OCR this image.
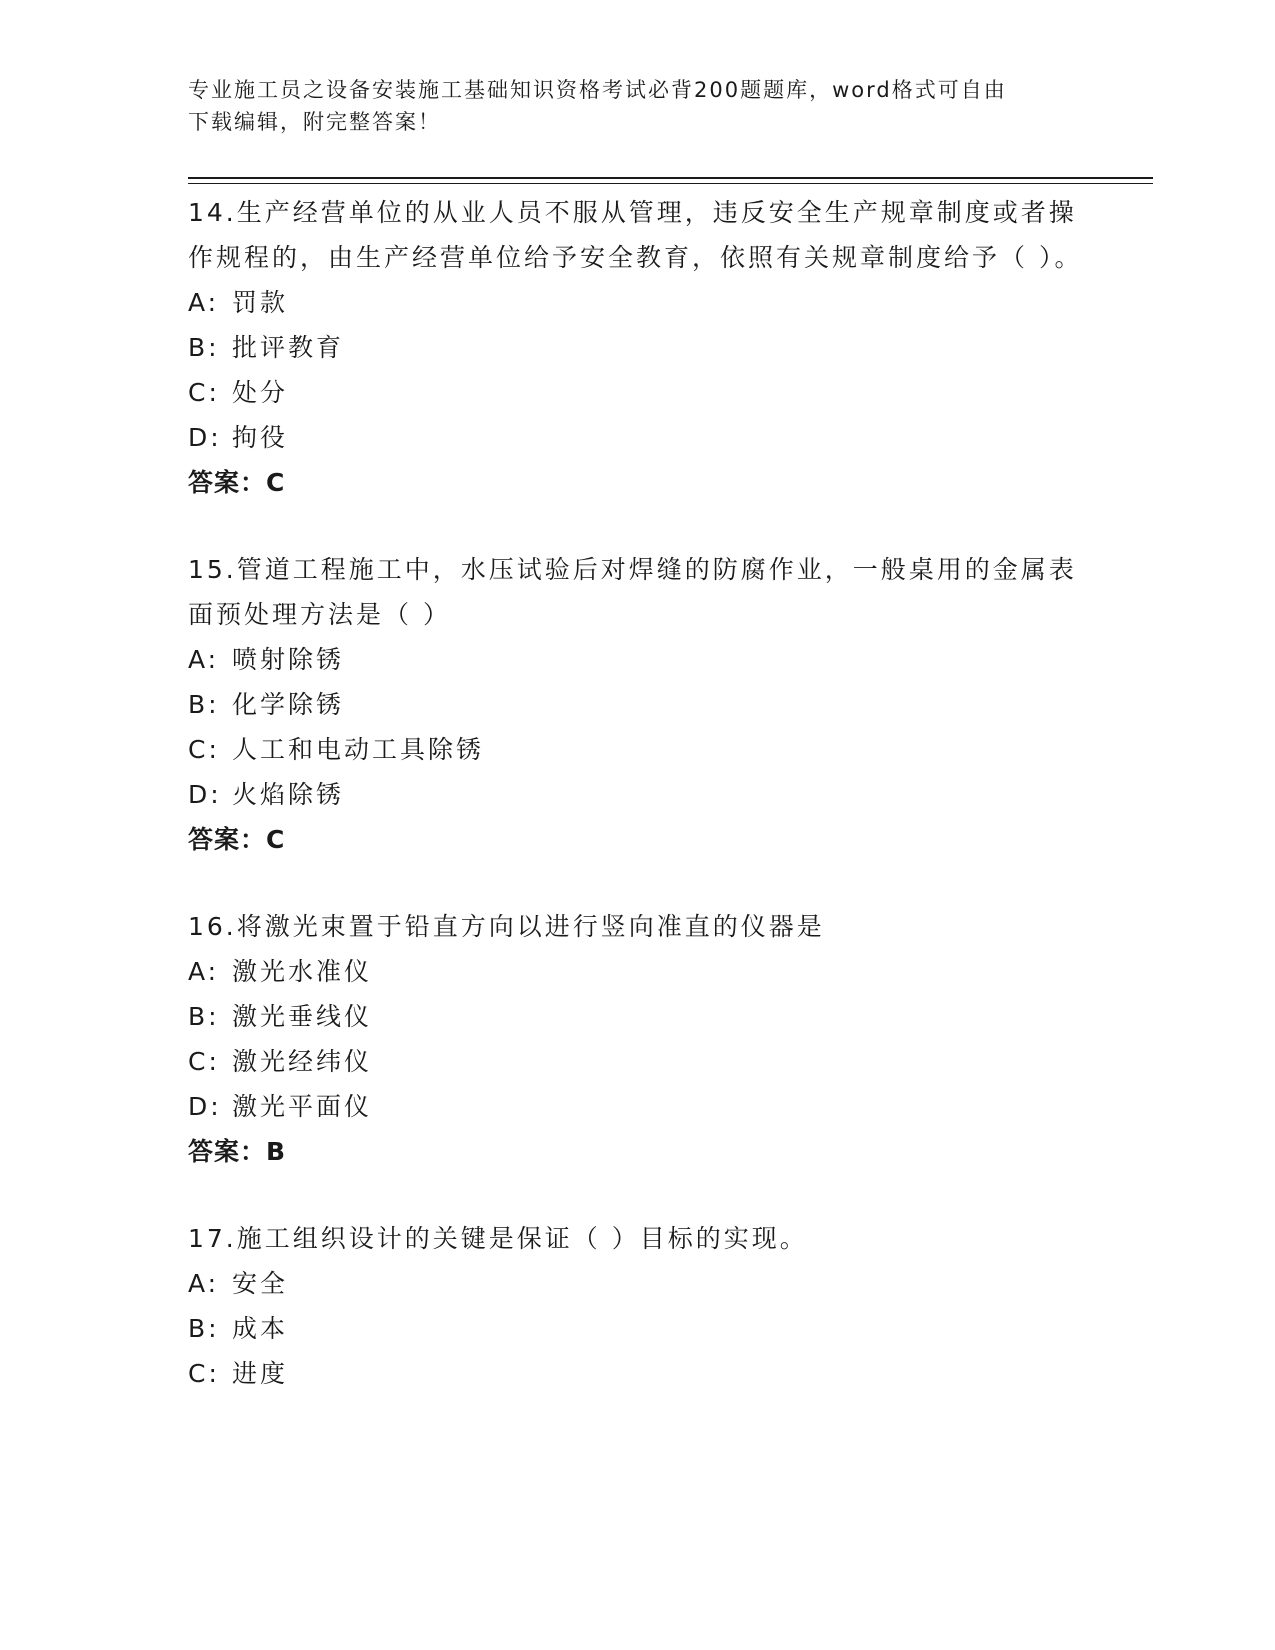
专业施工员之设备安装施工基础知识资格考试必背200题题库，word格式可自由
下载编辑，附完整答案！
14.生产经营单位的从业人员不服从管理，违反安全生产规章制度或者操作规程的，由生产经营单位给予安全教育，依照有关规章制度给予（ ）。
A: 罚款
B: 批评教育
C: 处分
D: 拘役
答案：C
15.管道工程施工中，水压试验后对焊缝的防腐作业，一般桌用的金属表面预处理方法是（ ）
A: 喷射除锈
B: 化学除锈
C: 人工和电动工具除锈
D: 火焰除锈
答案：C
16.将激光束置于铅直方向以进行竖向准直的仪器是
A: 激光水准仪
B: 激光垂线仪
C: 激光经纬仪
D: 激光平面仪
答案：B
17.施工组织设计的关键是保证（ ）目标的实现。
A: 安全
B: 成本
C: 进度
